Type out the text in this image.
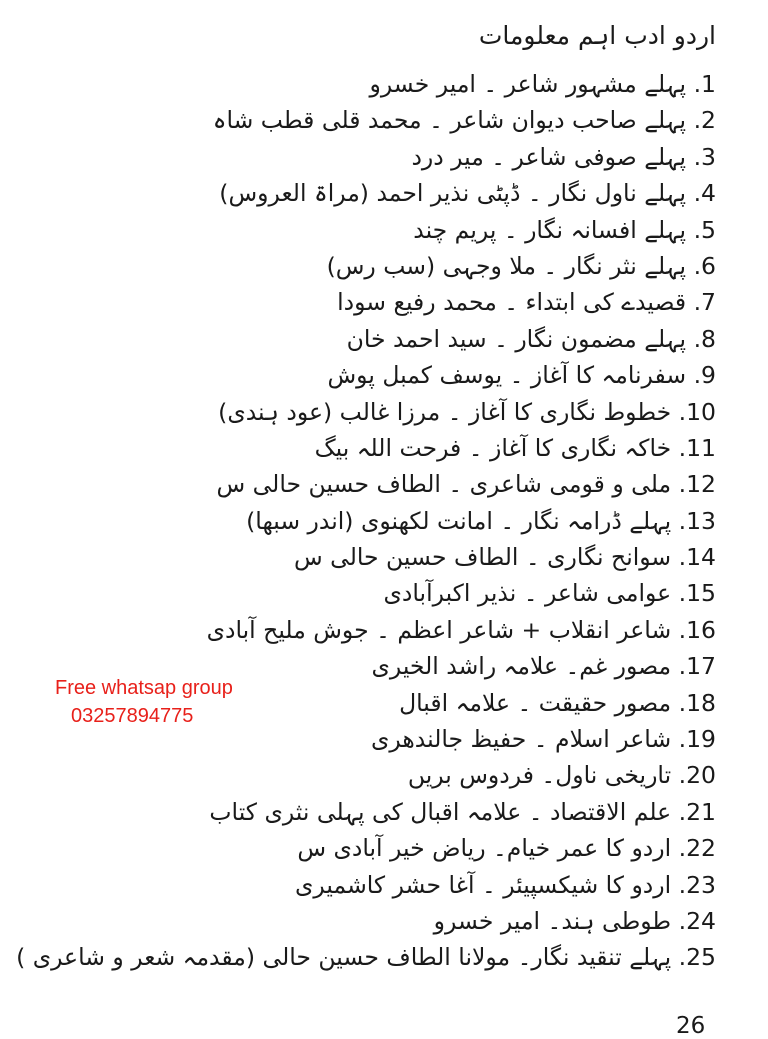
اردو ادب اہم معلومات
1. پہلے مشہور شاعر ۔ امیر خسرو
2. پہلے صاحب دیوان شاعر ۔ محمد قلی قطب شاہ
3. پہلے صوفی شاعر ۔ میر درد
4. پہلے ناول نگار ۔ ڈپٹی نذیر احمد (مراۃ العروس)
5. پہلے افسانہ نگار ۔ پریم چند
6. پہلے نثر نگار ۔ ملا وجہی (سب رس)
7. قصیدے کی ابتداء ۔ محمد رفیع سودا
8. پہلے مضمون نگار ۔ سید احمد خان
9. سفرنامہ کا آغاز ۔ یوسف کمبل پوش
10. خطوط نگاری کا آغاز ۔ مرزا غالب (عود ہندی)
11. خاکہ نگاری کا آغاز ۔ فرحت اللہ بیگ
12. ملی و قومی شاعری ۔ الطاف حسین حالی س
13. پہلے ڈرامہ نگار ۔ امانت لکھنوی (اندر سبھا)
14. سوانح نگاری ۔ الطاف حسین حالی س
15. عوامی شاعر ۔ نذیر اکبرآبادی
16. شاعر انقلاب + شاعر اعظم ۔ جوش ملیح آبادی
17. مصور غم۔ علامہ راشد الخیری
18. مصور حقیقت ۔ علامہ اقبال
19. شاعر اسلام ۔ حفیظ جالندھری
20. تاریخی ناول۔ فردوس بریں
21. علم الاقتصاد ۔ علامہ اقبال کی پہلی نثری کتاب
22. اردو کا عمر خیام۔ ریاض خیر آبادی س
23. اردو کا شیکسپیئر ۔ آغا حشر کاشمیری
24. طوطی ہند۔ امیر خسرو
25. پہلے تنقید نگار۔ مولانا الطاف حسین حالی (مقدمہ شعر و شاعری )
Free whatsap group
03257894775
26
